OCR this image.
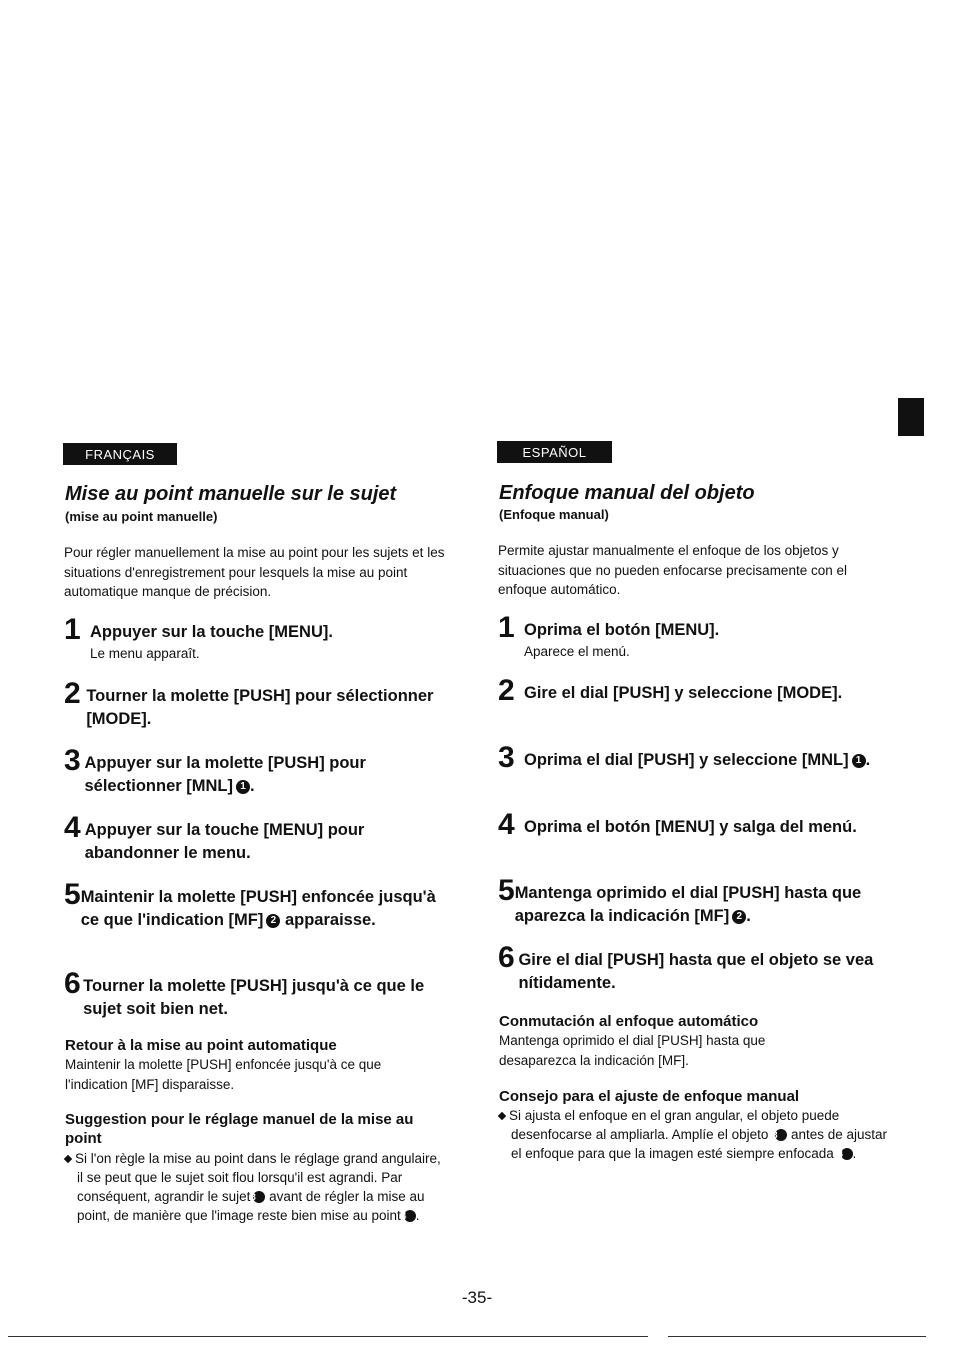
FRANÇAIS
Mise au point manuelle sur le sujet
(mise au point manuelle)
Pour régler manuellement la mise au point pour les sujets et les situations d'enregistrement pour lesquels la mise au point automatique manque de précision.
1 Appuyer sur la touche [MENU].
Le menu apparaît.
2 Tourner la molette [PUSH] pour sélectionner [MODE].
3 Appuyer sur la molette [PUSH] pour sélectionner [MNL] 1 .
4 Appuyer sur la touche [MENU] pour abandonner le menu.
5 Maintenir la molette [PUSH] enfoncée jusqu'à ce que l'indication [MF] 2 apparaisse.
6 Tourner la molette [PUSH] jusqu'à ce que le sujet soit bien net.
Retour à la mise au point automatique
Maintenir la molette [PUSH] enfoncée jusqu'à ce que l'indication [MF] disparaisse.
Suggestion pour le réglage manuel de la mise au point
Si l'on règle la mise au point dans le réglage grand angulaire, il se peut que le sujet soit flou lorsqu'il est agrandi. Par conséquent, agrandir le sujet3 avant de régler la mise au point, de manière que l'image reste bien mise au point4 .
ESPAÑOL
Enfoque manual del objeto
(Enfoque manual)
Permite ajustar manualmente el enfoque de los objetos y situaciones que no pueden enfocarse precisamente con el enfoque automático.
1 Oprima el botón [MENU].
Aparece el menú.
2 Gire el dial [PUSH] y seleccione [MODE].
3 Oprima el dial [PUSH] y seleccione [MNL] 1 .
4 Oprima el botón [MENU] y salga del menú.
5 Mantenga oprimido el dial [PUSH] hasta que aparezca la indicación [MF] 2 .
6 Gire el dial [PUSH] hasta que el objeto se vea nítidamente.
Conmutación al enfoque automático
Mantenga oprimido el dial [PUSH] hasta que desaparezca la indicación [MF].
Consejo para el ajuste de enfoque manual
Si ajusta el enfoque en el gran angular, el objeto puede desenfocarse al ampliarla. Amplíe el objeto 3 antes de ajustar el enfoque para que la imagen esté siempre enfocada 4 .
-35-
